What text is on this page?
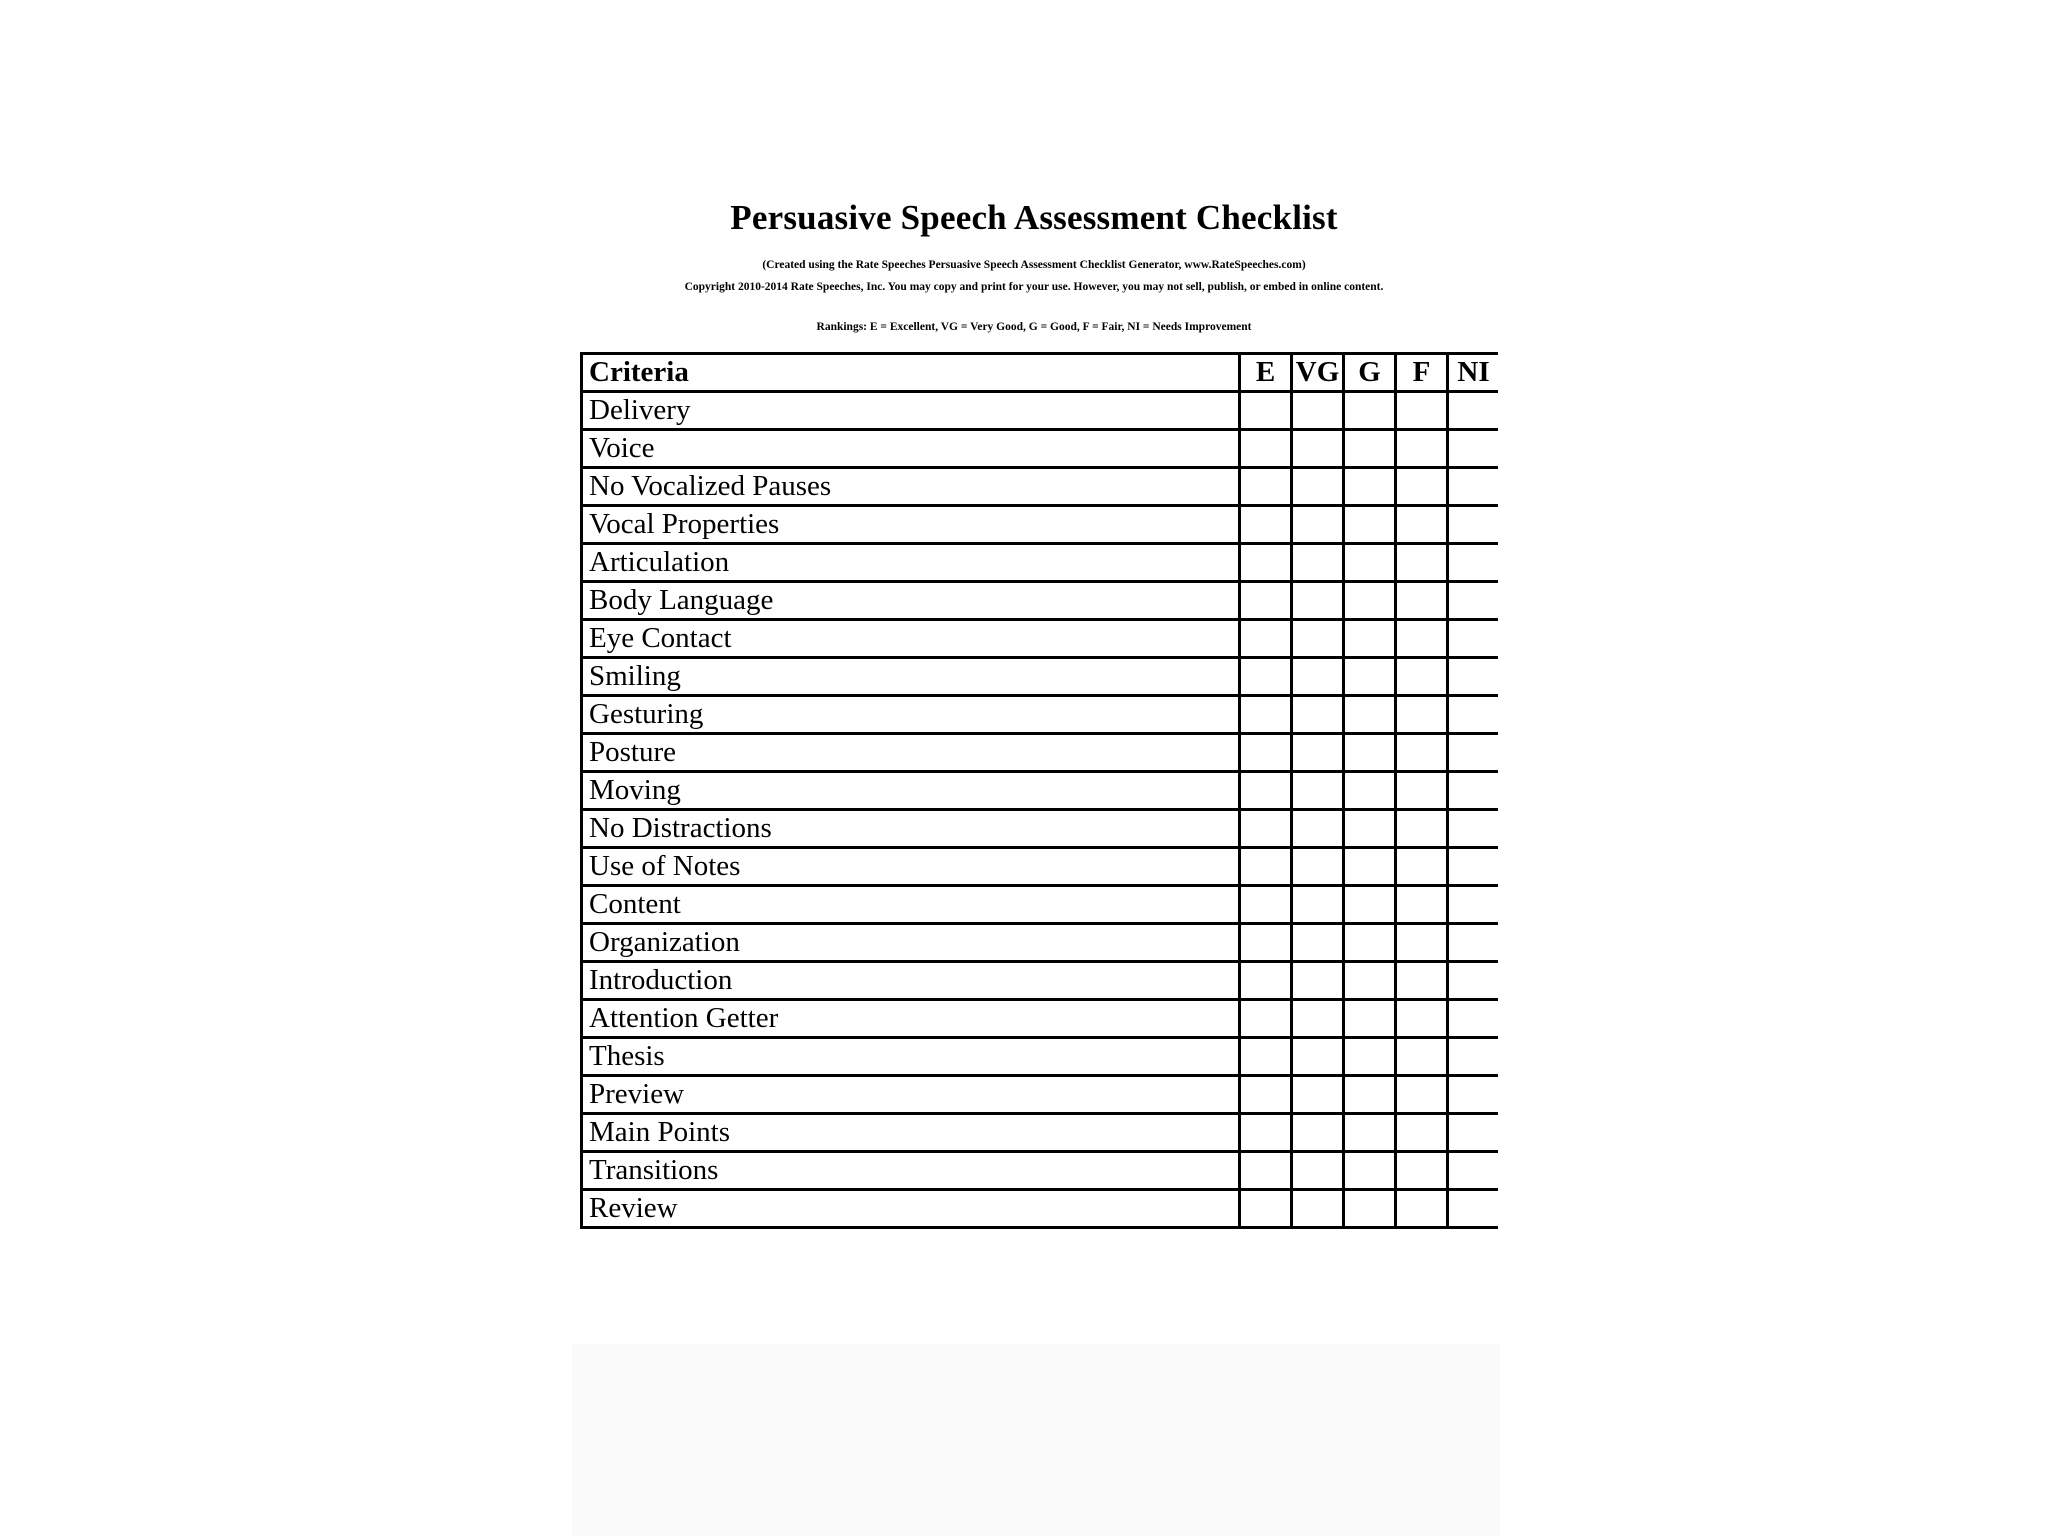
Persuasive Speech Assessment Checklist
(Created using the Rate Speeches Persuasive Speech Assessment Checklist Generator, www.RateSpeeches.com)
Copyright 2010-2014 Rate Speeches, Inc. You may copy and print for your use. However, you may not sell, publish, or embed in online content.
Rankings: E = Excellent, VG = Very Good, G = Good, F = Fair, NI = Needs Improvement
Criteria	E	VG	G	F	NI
Delivery					
Voice					
No Vocalized Pauses					
Vocal Properties					
Articulation					
Body Language					
Eye Contact					
Smiling					
Gesturing					
Posture					
Moving					
No Distractions					
Use of Notes					
Content					
Organization					
Introduction					
Attention Getter					
Thesis					
Preview					
Main Points					
Transitions					
Review					
